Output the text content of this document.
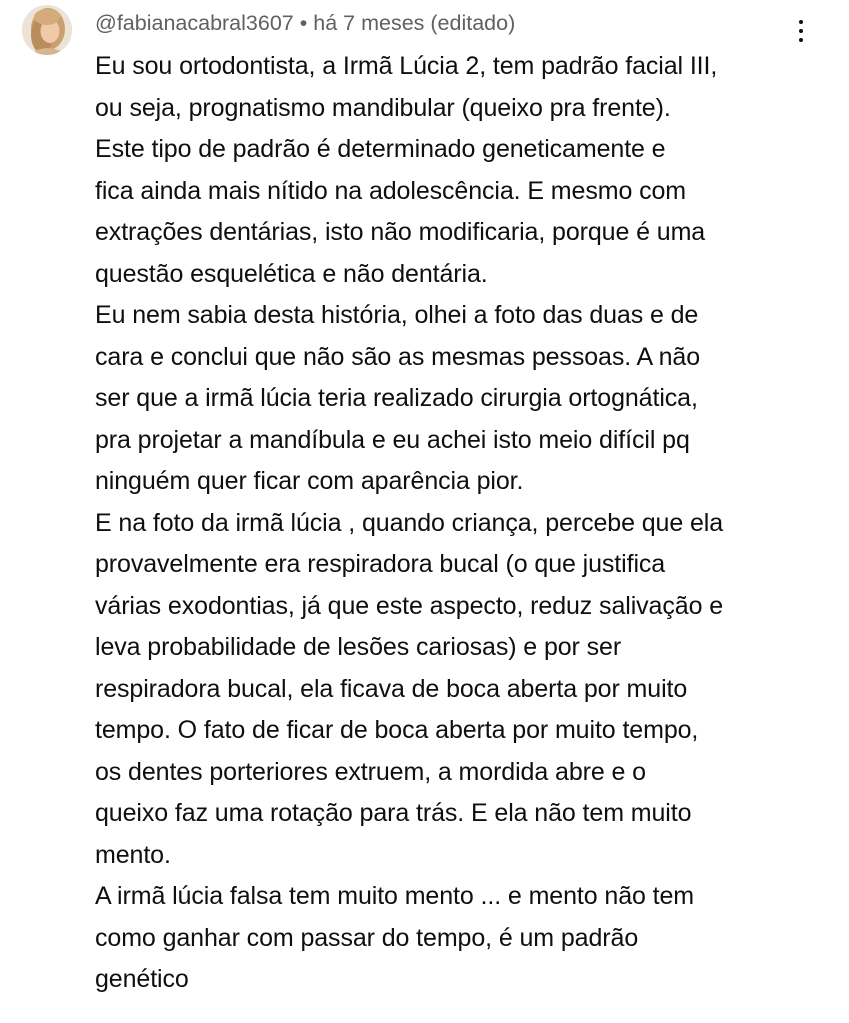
@fabianacabral3607 • há 7 meses (editado)
Eu sou ortodontista, a Irmã Lúcia 2, tem padrão facial III,
ou seja, prognatismo mandibular (queixo pra frente).
Este tipo de padrão é determinado geneticamente e
fica ainda mais nítido na adolescência. E mesmo com
extrações dentárias, isto não modificaria, porque é uma
questão esquelética e não dentária.
Eu nem sabia desta história, olhei a foto das duas e de
cara e conclui que não são as mesmas pessoas. A não
ser que a irmã lúcia teria realizado cirurgia ortognática,
pra projetar a mandíbula e eu achei isto meio difícil pq
ninguém quer ficar com aparência pior.
E na foto da irmã lúcia , quando criança, percebe que ela
provavelmente era respiradora bucal (o que justifica
várias exodontias, já que este aspecto, reduz salivação e
leva probabilidade de lesões cariosas) e por ser
respiradora bucal, ela ficava de boca aberta por muito
tempo. O fato de ficar de boca aberta por muito tempo,
os dentes porteriores extruem, a mordida abre e o
queixo faz uma rotação para trás. E ela não tem muito
mento.
A irmã lúcia falsa tem muito mento ... e mento não tem
como ganhar com passar do tempo, é um padrão
genético
